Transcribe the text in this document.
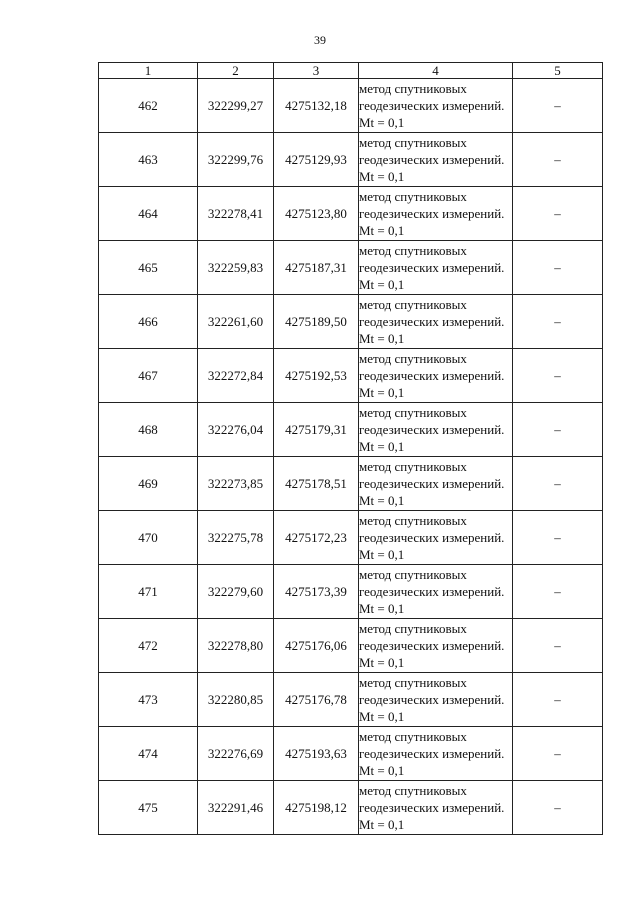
39
1	2	3	4	5
462	322299,27	4275132,18	метод спутниковых геодезических измерений. Mt = 0,1	–
463	322299,76	4275129,93	метод спутниковых геодезических измерений. Mt = 0,1	–
464	322278,41	4275123,80	метод спутниковых геодезических измерений. Mt = 0,1	–
465	322259,83	4275187,31	метод спутниковых геодезических измерений. Mt = 0,1	–
466	322261,60	4275189,50	метод спутниковых геодезических измерений. Mt = 0,1	–
467	322272,84	4275192,53	метод спутниковых геодезических измерений. Mt = 0,1	–
468	322276,04	4275179,31	метод спутниковых геодезических измерений. Mt = 0,1	–
469	322273,85	4275178,51	метод спутниковых геодезических измерений. Mt = 0,1	–
470	322275,78	4275172,23	метод спутниковых геодезических измерений. Mt = 0,1	–
471	322279,60	4275173,39	метод спутниковых геодезических измерений. Mt = 0,1	–
472	322278,80	4275176,06	метод спутниковых геодезических измерений. Mt = 0,1	–
473	322280,85	4275176,78	метод спутниковых геодезических измерений. Mt = 0,1	–
474	322276,69	4275193,63	метод спутниковых геодезических измерений. Mt = 0,1	–
475	322291,46	4275198,12	метод спутниковых геодезических измерений. Mt = 0,1	–
